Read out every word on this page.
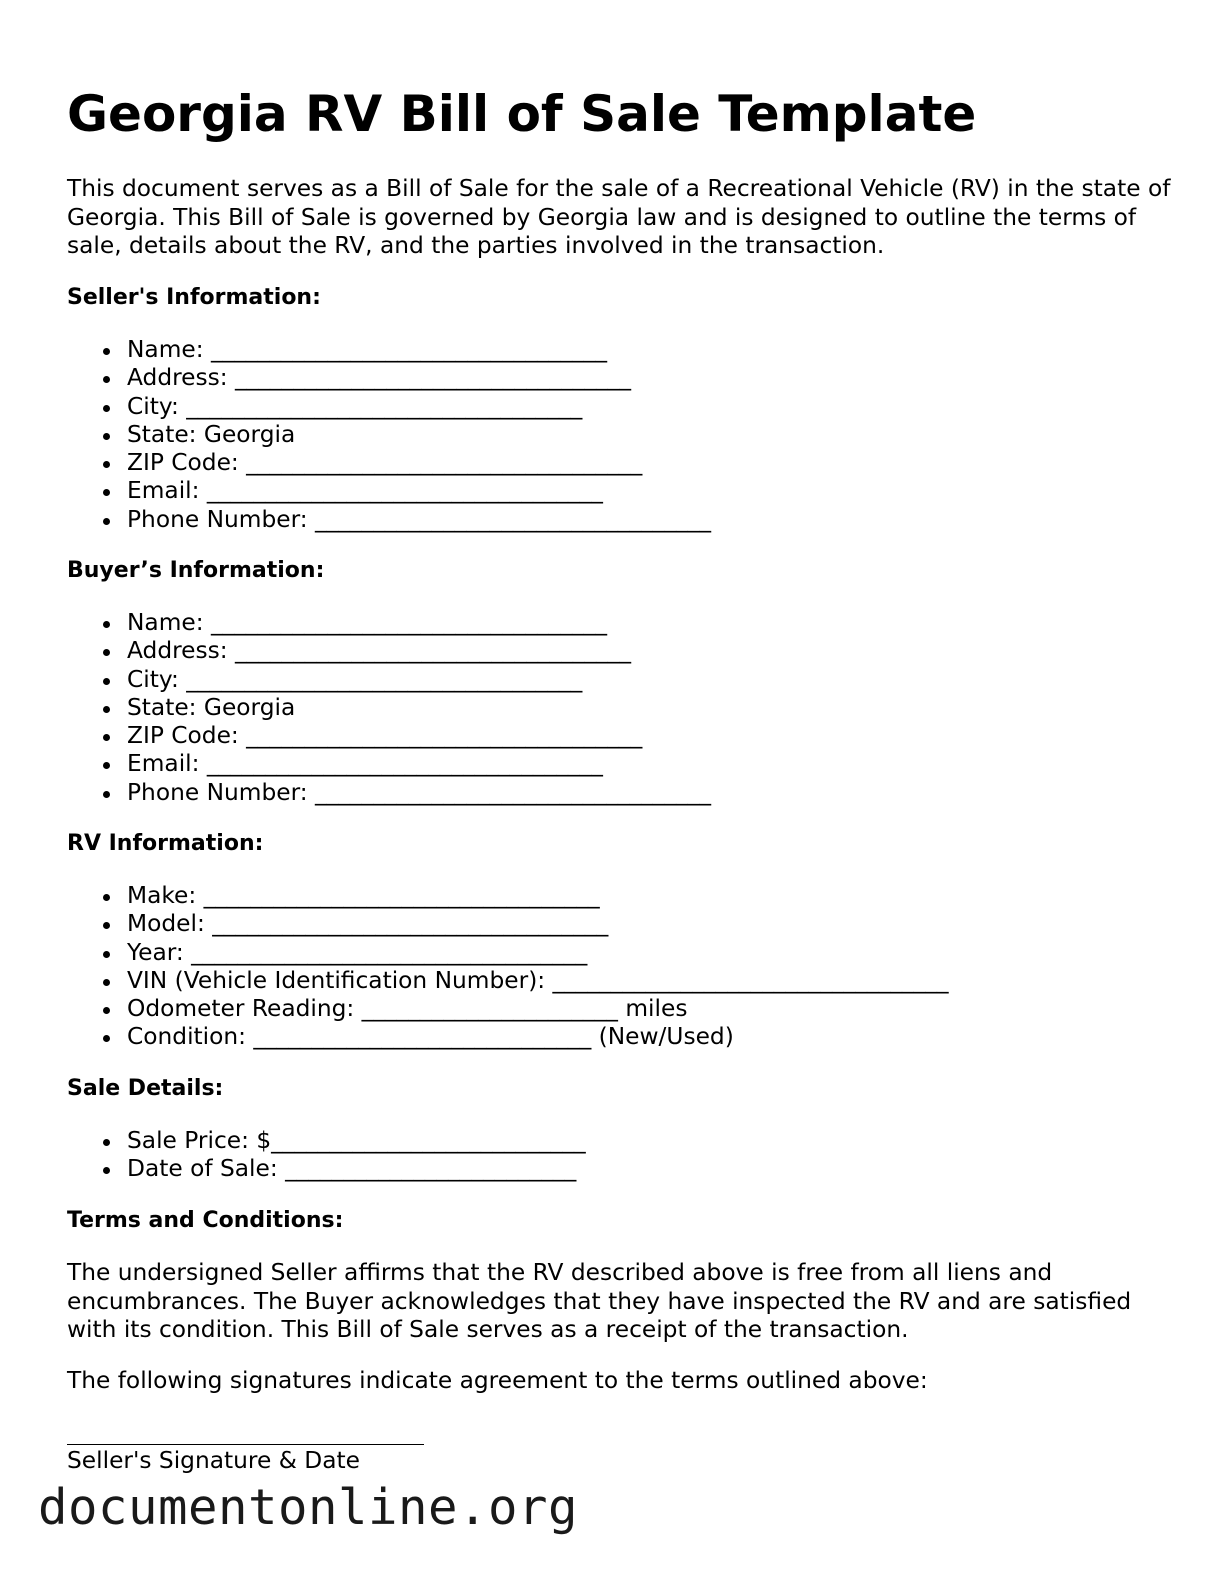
Georgia RV Bill of Sale Template

This document serves as a Bill of Sale for the sale of a Recreational Vehicle (RV) in the state of Georgia. This Bill of Sale is governed by Georgia law and is designed to outline the terms of sale, details about the RV, and the parties involved in the transaction.

Seller's Information:
Name: __________________________________
Address: __________________________________
City: __________________________________
State: Georgia
ZIP Code: __________________________________
Email: __________________________________
Phone Number: __________________________________
Buyer’s Information:
Name: __________________________________
Address: __________________________________
City: __________________________________
State: Georgia
ZIP Code: __________________________________
Email: __________________________________
Phone Number: __________________________________
RV Information:
Make: __________________________________
Model: __________________________________
Year: __________________________________
VIN (Vehicle Identification Number): __________________________________
Odometer Reading: ______________________ miles
Condition: _____________________________ (New/Used)
Sale Details:
Sale Price: $___________________________
Date of Sale: _________________________
Terms and Conditions:

The undersigned Seller affirms that the RV described above is free from all liens and encumbrances. The Buyer acknowledges that they have inspected the RV and are satisfied with its condition. This Bill of Sale serves as a receipt of the transaction.

The following signatures indicate agreement to the terms outlined above:

Seller's Signature & Date
documentonline.org
